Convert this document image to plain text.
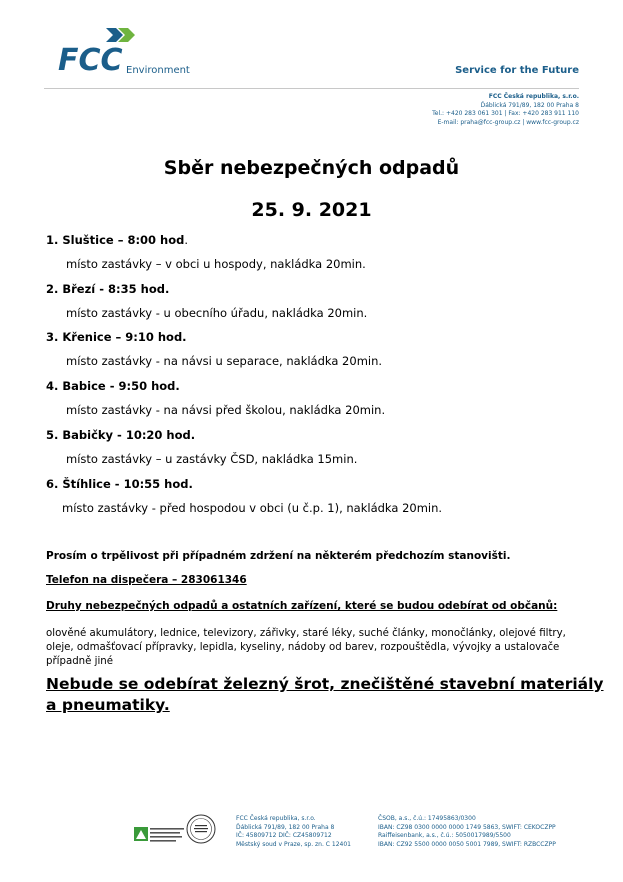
FCC Environment	Service for the Future
FCC Česká republika, s.r.o.
Ďáblická 791/89, 182 00 Praha 8
Tel.: +420 283 061 301 | Fax: +420 283 911 110
E-mail: praha@fcc-group.cz | www.fcc-group.cz
Sběr nebezpečných odpadů
25. 9. 2021
1. Sluštice – 8:00 hod.
místo zastávky – v obci u hospody, nakládka 20min.
2. Březí - 8:35 hod.
místo zastávky - u obecního úřadu, nakládka 20min.
3. Křenice – 9:10 hod.
místo zastávky - na návsi u separace, nakládka 20min.
4. Babice - 9:50 hod.
místo zastávky - na návsi před školou, nakládka 20min.
5. Babičky - 10:20 hod.
místo zastávky – u zastávky ČSD, nakládka 15min.
6. Štíhlice - 10:55 hod.
místo zastávky - před hospodou v obci (u č.p. 1), nakládka 20min.
Prosím o trpělivost při případném zdržení na některém předchozím stanovišti.
Telefon na dispečera – 283061346
Druhy nebezpečných odpadů a ostatních zařízení, které se budou odebírat od občanů:
olověné akumulátory, lednice, televizory, zářivky, staré léky, suché články, monočlánky, olejové filtry, oleje, odmašťovací přípravky, lepidla, kyseliny, nádoby od barev, rozpouštědla, vývojky a ustalovače případně jiné
Nebude se odebírat železný šrot, znečištěné stavební materiály a pneumatiky.
FCC Česká republika, s.r.o.
Ďáblická 791/89, 182 00 Praha 8
IČ: 45809712 DIČ: CZ45809712
Městský soud v Praze, sp. zn. C 12401
ČSOB, a.s., č.ú.: 17495863/0300
IBAN: CZ98 0300 0000 0000 1749 5863, SWIFT: CEKOCZPP
Raiffeisenbank, a.s., č.ú.: 5050017989/5500
IBAN: CZ92 5500 0000 0050 5001 7989, SWIFT: RZBCCZPP
